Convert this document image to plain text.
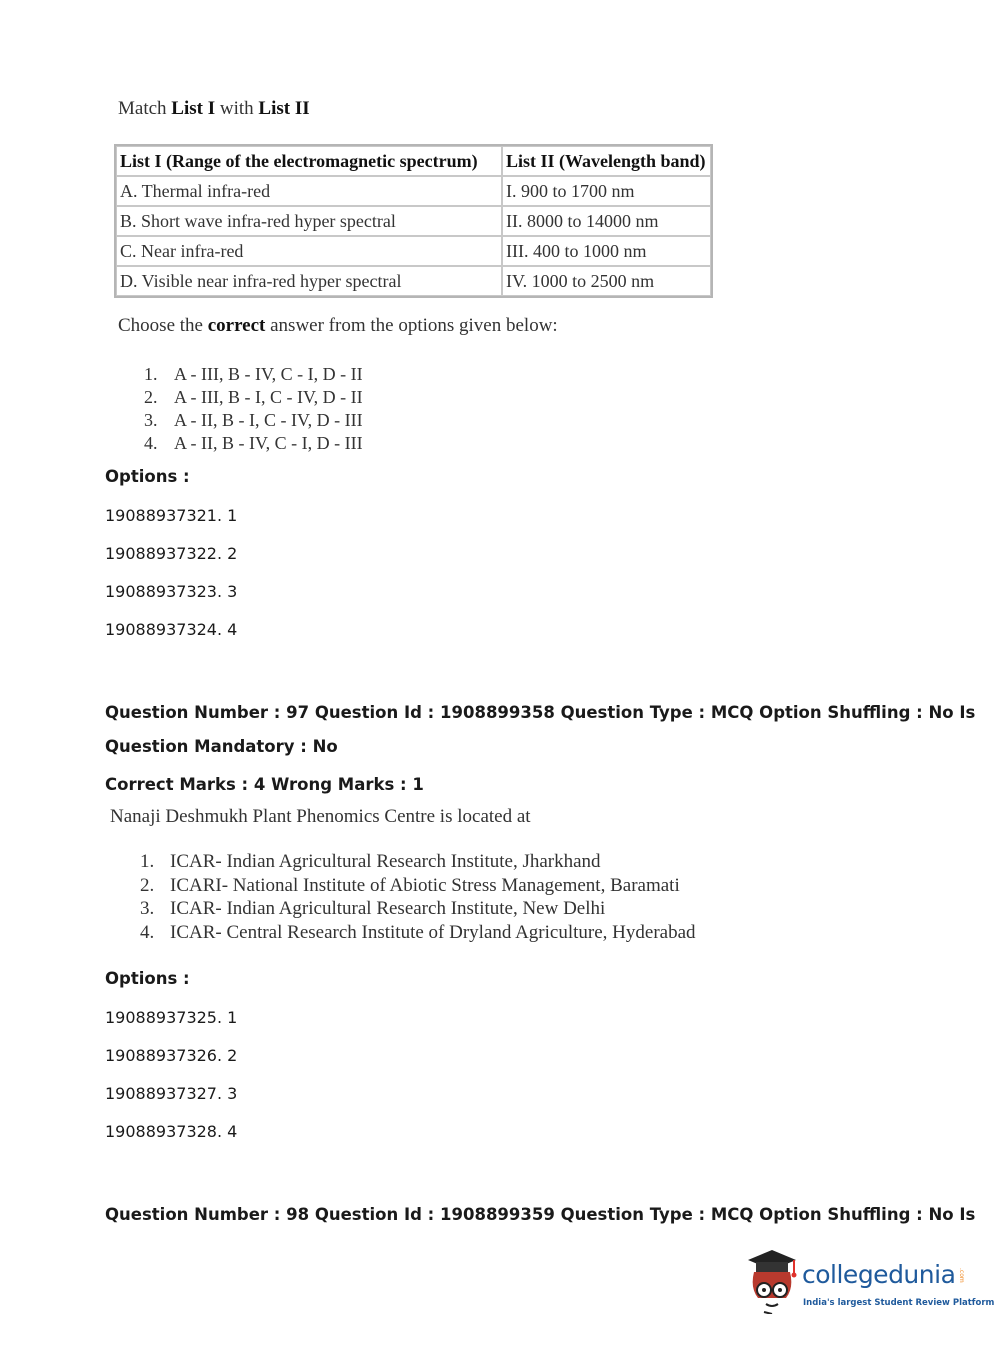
Match List I with List II
List I (Range of the electromagnetic spectrum)	List II (Wavelength band)
A. Thermal infra-red	I. 900 to 1700 nm
B. Short wave infra-red hyper spectral	II. 8000 to 14000 nm
C. Near infra-red	III. 400 to 1000 nm
D. Visible near infra-red hyper spectral	IV. 1000 to 2500 nm
Choose the correct answer from the options given below:
1. A - III, B - IV, C - I, D - II
2. A - III, B - I, C - IV, D - II
3. A - II, B - I, C - IV, D - III
4. A - II, B - IV, C - I, D - III
Options :
19088937321. 1
19088937322. 2
19088937323. 3
19088937324. 4
Question Number : 97 Question Id : 1908899358 Question Type : MCQ Option Shuffling : No Is
Question Mandatory : No
Correct Marks : 4 Wrong Marks : 1
Nanaji Deshmukh Plant Phenomics Centre is located at
1. ICAR- Indian Agricultural Research Institute, Jharkhand
2. ICARI- National Institute of Abiotic Stress Management, Baramati
3. ICAR- Indian Agricultural Research Institute, New Delhi
4. ICAR- Central Research Institute of Dryland Agriculture, Hyderabad
Options :
19088937325. 1
19088937326. 2
19088937327. 3
19088937328. 4
Question Number : 98 Question Id : 1908899359 Question Type : MCQ Option Shuffling : No Is
collegedunia .com
India's largest Student Review Platform
